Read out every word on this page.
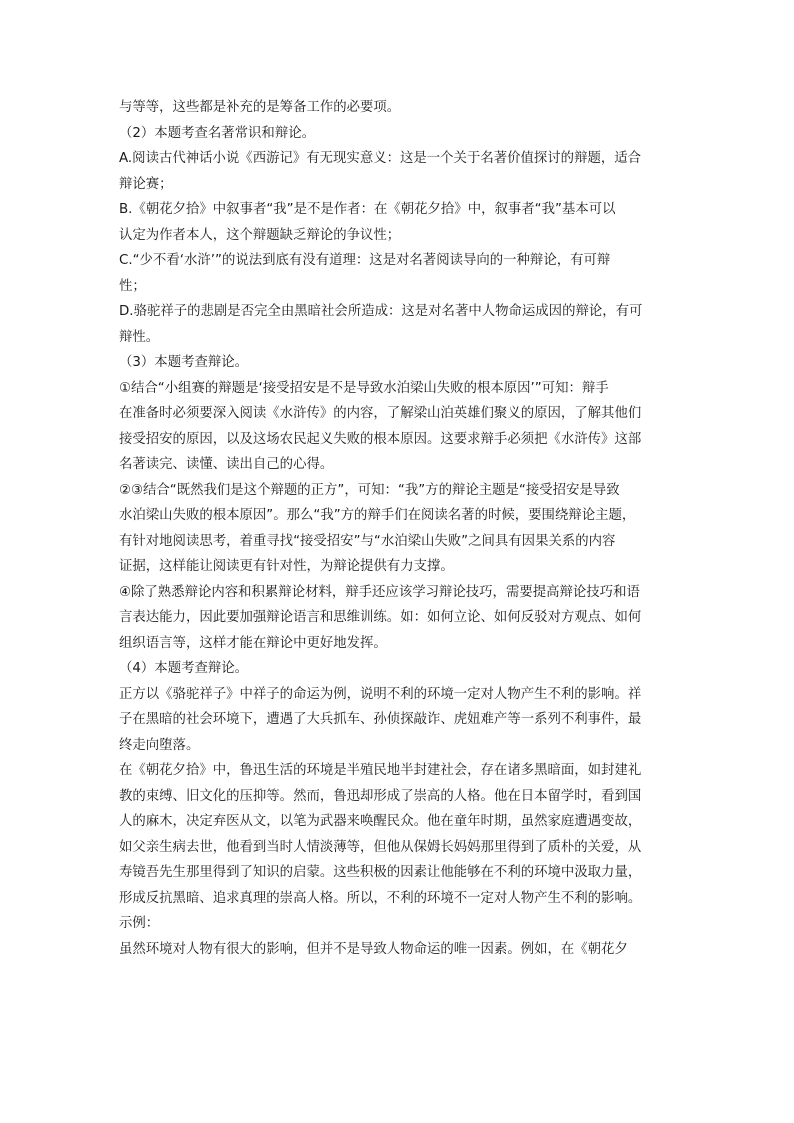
与等等，这些都是补充的是筹备工作的必要项。
（2）本题考查名著常识和辩论。
A.阅读古代神话小说《西游记》有无现实意义：这是一个关于名著价值探讨的辩题，适合
辩论赛；
B.《朝花夕拾》中叙事者“我”是不是作者：在《朝花夕拾》中，叙事者“我”基本可以
认定为作者本人，这个辩题缺乏辩论的争议性；
C.“少不看‘水浒’”的说法到底有没有道理：这是对名著阅读导向的一种辩论，有可辩
性；
D.骆驼祥子的悲剧是否完全由黑暗社会所造成：这是对名著中人物命运成因的辩论，有可
辩性。
（3）本题考查辩论。
①结合“小组赛的辩题是‘接受招安是不是导致水泊梁山失败的根本原因’”可知：辩手
在准备时必须要深入阅读《水浒传》的内容，了解梁山泊英雄们聚义的原因，了解其他们
接受招安的原因，以及这场农民起义失败的根本原因。这要求辩手必须把《水浒传》这部
名著读完、读懂、读出自己的心得。
②③结合“既然我们是这个辩题的正方”，可知：“我”方的辩论主题是“接受招安是导致
水泊梁山失败的根本原因”。那么“我”方的辩手们在阅读名著的时候，要围绕辩论主题，
有针对地阅读思考，着重寻找“接受招安”与“水泊梁山失败”之间具有因果关系的内容
证据，这样能让阅读更有针对性，为辩论提供有力支撑。
④除了熟悉辩论内容和积累辩论材料，辩手还应该学习辩论技巧，需要提高辩论技巧和语
言表达能力，因此要加强辩论语言和思维训练。如：如何立论、如何反驳对方观点、如何
组织语言等，这样才能在辩论中更好地发挥。
（4）本题考查辩论。
正方以《骆驼祥子》中祥子的命运为例，说明不利的环境一定对人物产生不利的影响。祥
子在黑暗的社会环境下，遭遇了大兵抓车、孙侦探敲诈、虎妞难产等一系列不利事件，最
终走向堕落。
在《朝花夕拾》中，鲁迅生活的环境是半殖民地半封建社会，存在诸多黑暗面，如封建礼
教的束缚、旧文化的压抑等。然而，鲁迅却形成了崇高的人格。他在日本留学时，看到国
人的麻木，决定弃医从文，以笔为武器来唤醒民众。他在童年时期，虽然家庭遭遇变故，
如父亲生病去世，他看到当时人情淡薄等，但他从保姆长妈妈那里得到了质朴的关爱，从
寿镜吾先生那里得到了知识的启蒙。这些积极的因素让他能够在不利的环境中汲取力量，
形成反抗黑暗、追求真理的崇高人格。所以，不利的环境不一定对人物产生不利的影响。
示例：
虽然环境对人物有很大的影响，但并不是导致人物命运的唯一因素。例如，在《朝花夕
